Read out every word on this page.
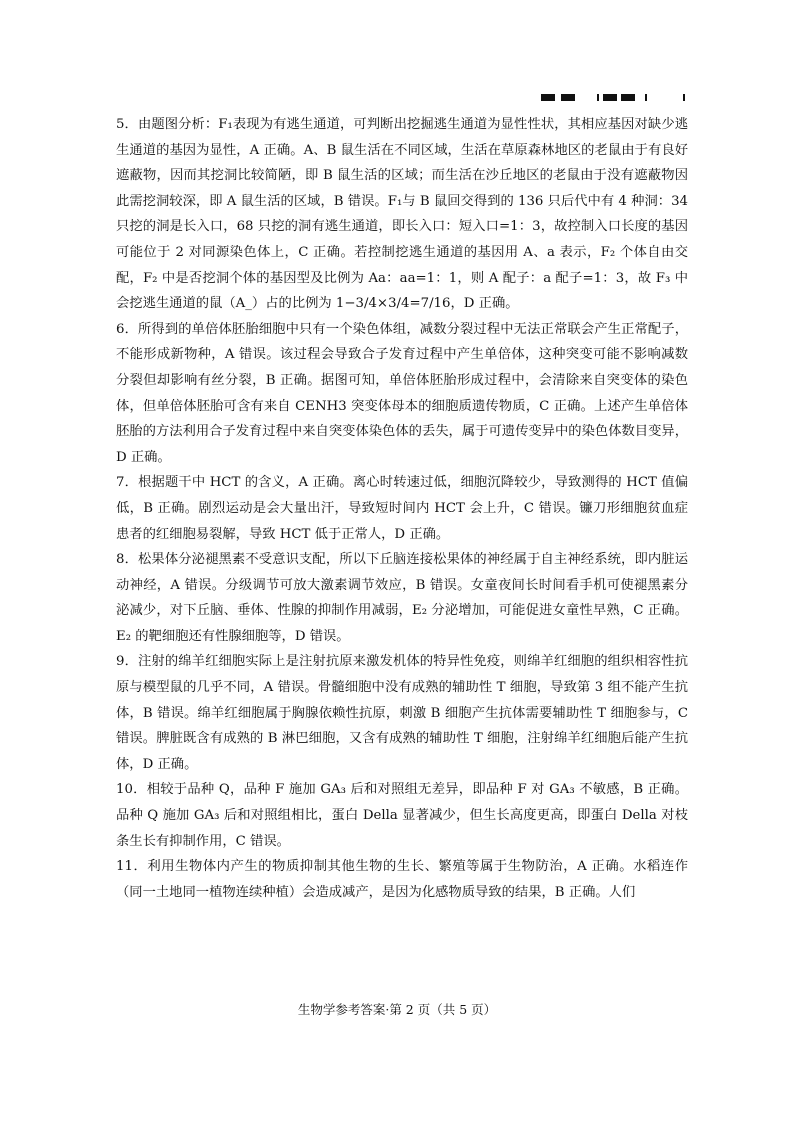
5．由题图分析：F₁表现为有逃生通道，可判断出挖掘逃生通道为显性性状，其相应基因对缺少逃生通道的基因为显性，A 正确。A、B 鼠生活在不同区域，生活在草原森林地区的老鼠由于有良好遮蔽物，因而其挖洞比较简陋，即 B 鼠生活的区域；而生活在沙丘地区的老鼠由于没有遮蔽物因此需挖洞较深，即 A 鼠生活的区域，B 错误。F₁与 B 鼠回交得到的 136 只后代中有 4 种洞：34 只挖的洞是长入口，68 只挖的洞有逃生通道，即长入口：短入口=1：3，故控制入口长度的基因可能位于 2 对同源染色体上，C 正确。若控制挖逃生通道的基因用 A、a 表示，F₂ 个体自由交配，F₂ 中是否挖洞个体的基因型及比例为 Aa：aa=1：1，则 A 配子：a 配子=1：3，故 F₃ 中会挖逃生通道的鼠（A_）占的比例为 1−3/4×3/4=7/16，D 正确。

6．所得到的单倍体胚胎细胞中只有一个染色体组，减数分裂过程中无法正常联会产生正常配子，不能形成新物种，A 错误。该过程会导致合子发育过程中产生单倍体，这种突变可能不影响减数分裂但却影响有丝分裂，B 正确。据图可知，单倍体胚胎形成过程中，会清除来自突变体的染色体，但单倍体胚胎可含有来自 CENH3 突变体母本的细胞质遗传物质，C 正确。上述产生单倍体胚胎的方法利用合子发育过程中来自突变体染色体的丢失，属于可遗传变异中的染色体数目变异，D 正确。

7．根据题干中 HCT 的含义，A 正确。离心时转速过低，细胞沉降较少，导致测得的 HCT 值偏低，B 正确。剧烈运动是会大量出汗，导致短时间内 HCT 会上升，C 错误。镰刀形细胞贫血症患者的红细胞易裂解，导致 HCT 低于正常人，D 正确。

8．松果体分泌褪黑素不受意识支配，所以下丘脑连接松果体的神经属于自主神经系统，即内脏运动神经，A 错误。分级调节可放大激素调节效应，B 错误。女童夜间长时间看手机可使褪黑素分泌减少，对下丘脑、垂体、性腺的抑制作用减弱，E₂ 分泌增加，可能促进女童性早熟，C 正确。E₂ 的靶细胞还有性腺细胞等，D 错误。

9．注射的绵羊红细胞实际上是注射抗原来激发机体的特异性免疫，则绵羊红细胞的组织相容性抗原与模型鼠的几乎不同，A 错误。骨髓细胞中没有成熟的辅助性 T 细胞，导致第 3 组不能产生抗体，B 错误。绵羊红细胞属于胸腺依赖性抗原，刺激 B 细胞产生抗体需要辅助性 T 细胞参与，C 错误。脾脏既含有成熟的 B 淋巴细胞，又含有成熟的辅助性 T 细胞，注射绵羊红细胞后能产生抗体，D 正确。

10．相较于品种 Q，品种 F 施加 GA₃ 后和对照组无差异，即品种 F 对 GA₃ 不敏感，B 正确。品种 Q 施加 GA₃ 后和对照组相比，蛋白 Della 显著减少，但生长高度更高，即蛋白 Della 对枝条生长有抑制作用，C 错误。

11．利用生物体内产生的物质抑制其他生物的生长、繁殖等属于生物防治，A 正确。水稻连作（同一土地同一植物连续种植）会造成减产，是因为化感物质导致的结果，B 正确。人们

生物学参考答案·第 2 页（共 5 页）
